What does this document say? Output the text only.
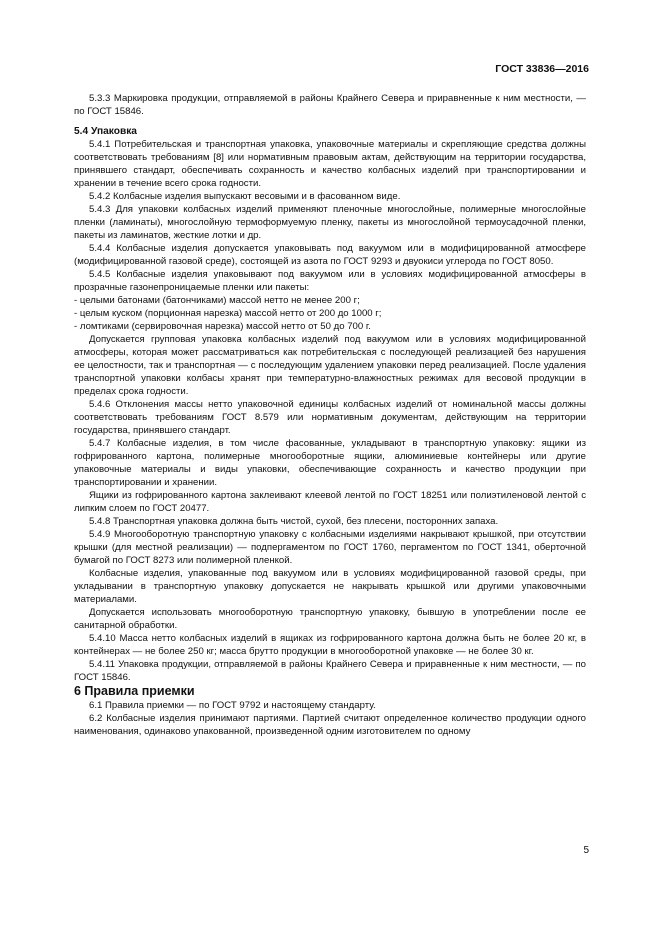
ГОСТ 33836—2016

5.3.3 Маркировка продукции, отправляемой в районы Крайнего Севера и приравненные к ним местности, — по ГОСТ 15846.

5.4 Упаковка

5.4.1 Потребительская и транспортная упаковка, упаковочные материалы и скрепляющие средства должны соответствовать требованиям [8] или нормативным правовым актам, действующим на территории государства, принявшего стандарт, обеспечивать сохранность и качество колбасных изделий при транспортировании и хранении в течение всего срока годности.

5.4.2 Колбасные изделия выпускают весовыми и в фасованном виде.

5.4.3 Для упаковки колбасных изделий применяют пленочные многослойные, полимерные многослойные пленки (ламинаты), многослойную термоформуемую пленку, пакеты из многослойной термоусадочной пленки, пакеты из ламинатов, жесткие лотки и др.

5.4.4 Колбасные изделия допускается упаковывать под вакуумом или в модифицированной атмосфере (модифицированной газовой среде), состоящей из азота по ГОСТ 9293 и двуокиси углерода по ГОСТ 8050.

5.4.5 Колбасные изделия упаковывают под вакуумом или в условиях модифицированной атмосферы в прозрачные газонепроницаемые пленки или пакеты:

- целыми батонами (батончиками) массой нетто не менее 200 г;

- целым куском (порционная нарезка) массой нетто от 200 до 1000 г;

- ломтиками (сервировочная нарезка) массой нетто от 50 до 700 г.

Допускается групповая упаковка колбасных изделий под вакуумом или в условиях модифицированной атмосферы, которая может рассматриваться как потребительская с последующей реализацией без нарушения ее целостности, так и транспортная — с последующим удалением упаковки перед реализацией. После удаления транспортной упаковки колбасы хранят при температурно-влажностных режимах для весовой продукции в пределах срока годности.

5.4.6 Отклонения массы нетто упаковочной единицы колбасных изделий от номинальной массы должны соответствовать требованиям ГОСТ 8.579 или нормативным документам, действующим на территории государства, принявшего стандарт.

5.4.7 Колбасные изделия, в том числе фасованные, укладывают в транспортную упаковку: ящики из гофрированного картона, полимерные многооборотные ящики, алюминиевые контейнеры или другие упаковочные материалы и виды упаковки, обеспечивающие сохранность и качество продукции при транспортировании и хранении.

Ящики из гофрированного картона заклеивают клеевой лентой по ГОСТ 18251 или полиэтиленовой лентой с липким слоем по ГОСТ 20477.

5.4.8 Транспортная упаковка должна быть чистой, сухой, без плесени, посторонних запаха.

5.4.9 Многооборотную транспортную упаковку с колбасными изделиями накрывают крышкой, при отсутствии крышки (для местной реализации) — подпергаментом по ГОСТ 1760, пергаментом по ГОСТ 1341, оберточной бумагой по ГОСТ 8273 или полимерной пленкой.

Колбасные изделия, упакованные под вакуумом или в условиях модифицированной газовой среды, при укладывании в транспортную упаковку допускается не накрывать крышкой или другими упаковочными материалами.

Допускается использовать многооборотную транспортную упаковку, бывшую в употреблении после ее санитарной обработки.

5.4.10 Масса нетто колбасных изделий в ящиках из гофрированного картона должна быть не более 20 кг, в контейнерах — не более 250 кг; масса брутто продукции в многооборотной упаковке — не более 30 кг.

5.4.11 Упаковка продукции, отправляемой в районы Крайнего Севера и приравненные к ним местности, — по ГОСТ 15846.

6 Правила приемки

6.1 Правила приемки — по ГОСТ 9792 и настоящему стандарту.

6.2 Колбасные изделия принимают партиями. Партией считают определенное количество продукции одного наименования, одинаково упакованной, произведенной одним изготовителем по одному

5
